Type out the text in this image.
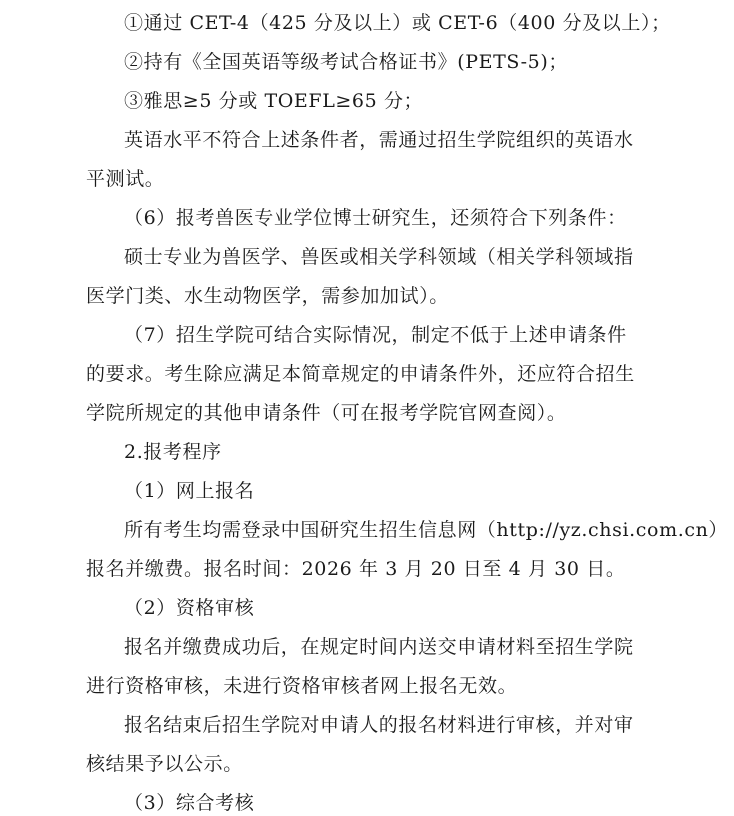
①通过 CET-4（425 分及以上）或 CET-6（400 分及以上）；
②持有《全国英语等级考试合格证书》(PETS-5)；
③雅思≥5 分或 TOEFL≥65 分；
英语水平不符合上述条件者，需通过招生学院组织的英语水
平测试。
（6）报考兽医专业学位博士研究生，还须符合下列条件：
硕士专业为兽医学、兽医或相关学科领域（相关学科领域指
医学门类、水生动物医学，需参加加试）。
（7）招生学院可结合实际情况，制定不低于上述申请条件
的要求。考生除应满足本简章规定的申请条件外，还应符合招生
学院所规定的其他申请条件（可在报考学院官网查阅）。
2.报考程序
（1）网上报名
所有考生均需登录中国研究生招生信息网（http://yz.chsi.com.cn）
报名并缴费。报名时间：2026 年 3 月 20 日至 4 月 30 日。
（2）资格审核
报名并缴费成功后，在规定时间内送交申请材料至招生学院
进行资格审核，未进行资格审核者网上报名无效。
报名结束后招生学院对申请人的报名材料进行审核，并对审
核结果予以公示。
（3）综合考核
